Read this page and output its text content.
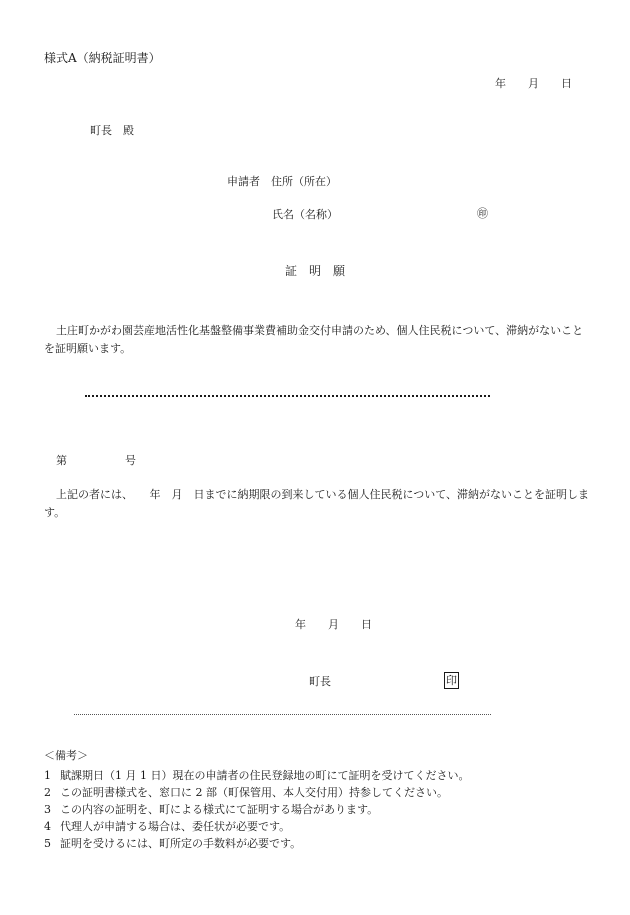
様式A（納税証明書）
年 月 日
町長　殿
申請者　住所（所在）
氏名（名称）	㊞
証　明　願
土庄町かがわ園芸産地活性化基盤整備事業費補助金交付申請のため、個人住民税について、滞納がないことを証明願います。
第	号
上記の者には、　　年　月　日までに納期限の到来している個人住民税について、滞納がないことを証明します。
年 月 日
町長	印
＜備考＞
1 賦課期日（1 月 1 日）現在の申請者の住民登録地の町にて証明を受けてください。
2 この証明書様式を、窓口に 2 部（町保管用、本人交付用）持参してください。
3 この内容の証明を、町による様式にて証明する場合があります。
4 代理人が申請する場合は、委任状が必要です。
5 証明を受けるには、町所定の手数料が必要です。
